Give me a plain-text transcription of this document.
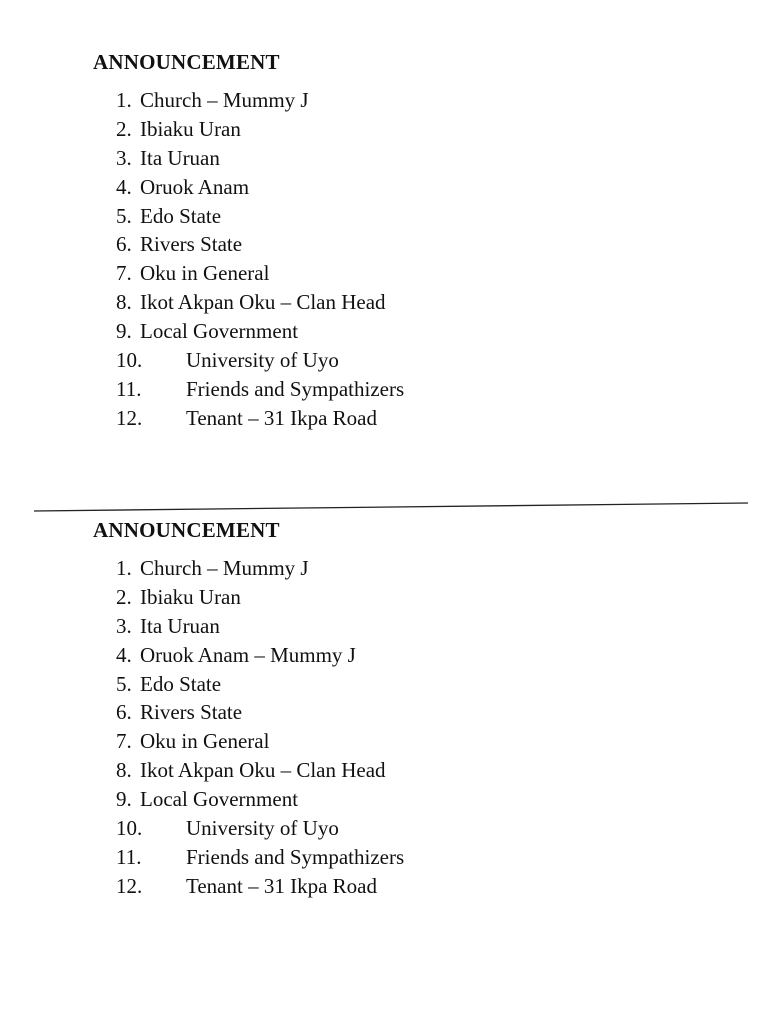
ANNOUNCEMENT
1. Church – Mummy J
2. Ibiaku Uran
3. Ita Uruan
4. Oruok Anam
5. Edo State
6. Rivers State
7. Oku in General
8. Ikot Akpan Oku – Clan Head
9. Local Government
10. University of Uyo
11. Friends and Sympathizers
12. Tenant – 31 Ikpa Road
ANNOUNCEMENT
1. Church – Mummy J
2. Ibiaku Uran
3. Ita Uruan
4. Oruok Anam – Mummy J
5. Edo State
6. Rivers State
7. Oku in General
8. Ikot Akpan Oku – Clan Head
9. Local Government
10. University of Uyo
11. Friends and Sympathizers
12. Tenant – 31 Ikpa Road
